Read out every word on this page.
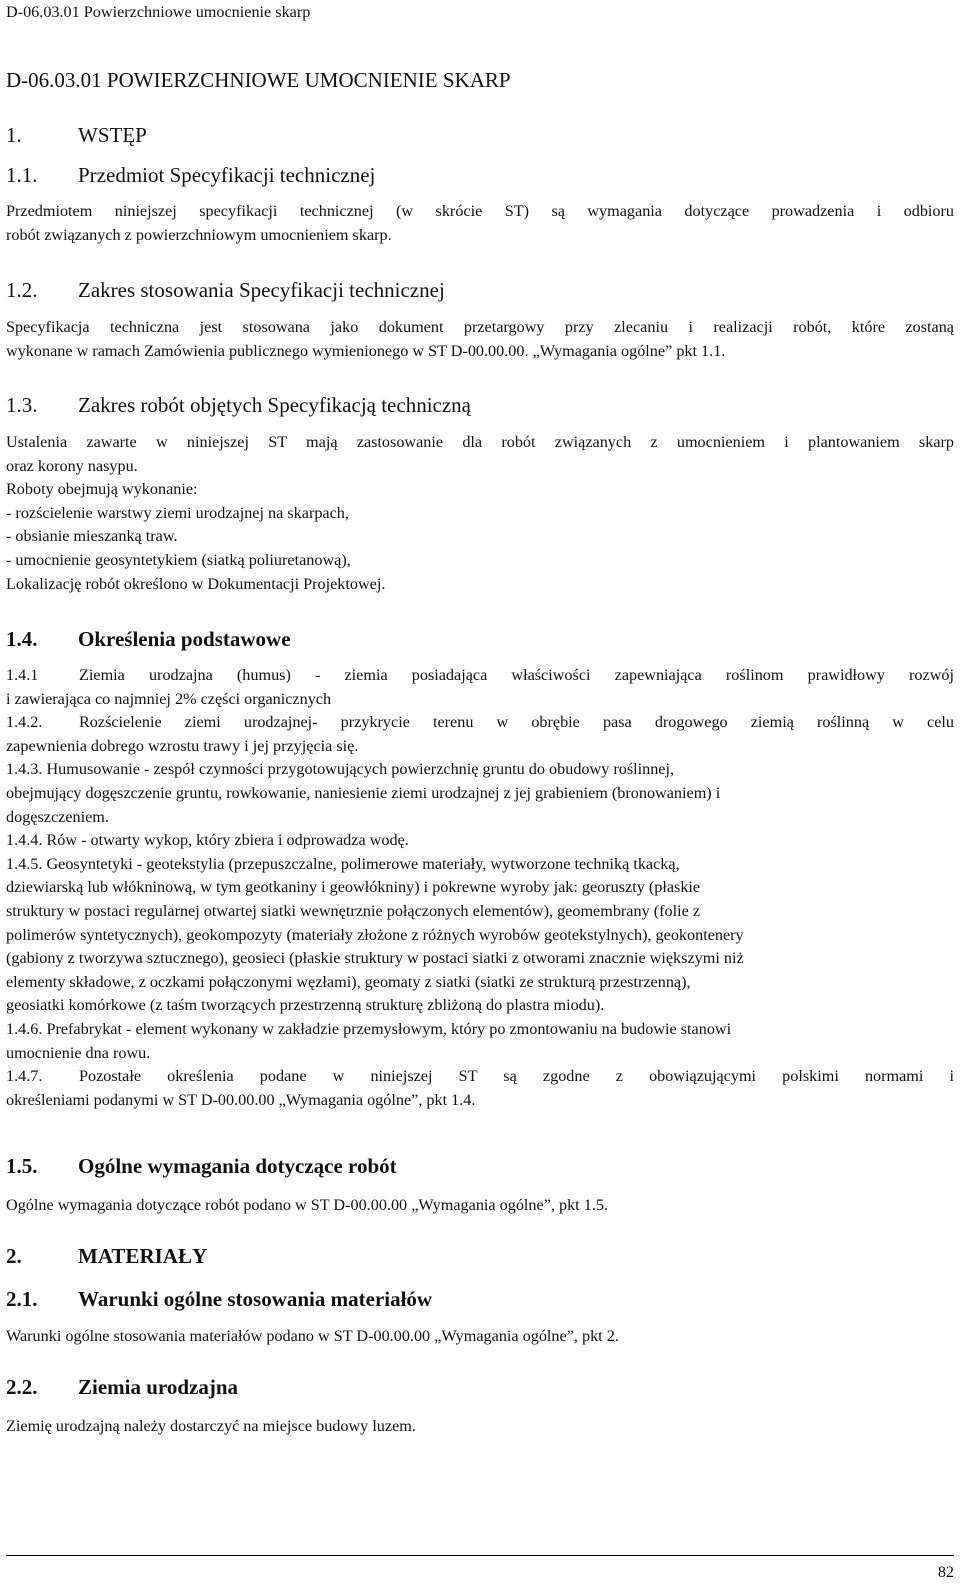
D-06.03.01 Powierzchniowe umocnienie skarp
D-06.03.01 POWIERZCHNIOWE UMOCNIENIE SKARP
1.	WSTĘP
1.1. Przedmiot Specyfikacji technicznej
Przedmiotem niniejszej specyfikacji technicznej (w skrócie ST) są wymagania dotyczące prowadzenia i odbioru
robót związanych z powierzchniowym umocnieniem skarp.
1.2. Zakres stosowania Specyfikacji technicznej
Specyfikacja techniczna jest stosowana jako dokument przetargowy przy zlecaniu i realizacji robót, które zostaną
wykonane w ramach Zamówienia publicznego wymienionego w ST D-00.00.00. „Wymagania ogólne” pkt 1.1.
1.3. Zakres robót objętych Specyfikacją techniczną
Ustalenia zawarte w niniejszej ST mają zastosowanie dla robót związanych z umocnieniem i plantowaniem skarp
oraz korony nasypu.
Roboty obejmują wykonanie:
- rozścielenie warstwy ziemi urodzajnej na skarpach,
- obsianie mieszanką traw.
- umocnienie geosyntetykiem (siatką poliuretanową),
Lokalizację robót określono w Dokumentacji Projektowej.
1.4. Określenia podstawowe
1.4.1	Ziemia urodzajna (humus) - ziemia posiadająca właściwości zapewniająca roślinom prawidłowy rozwój
i zawierająca co najmniej 2% części organicznych
1.4.2. Rozścielenie ziemi urodzajnej- przykrycie terenu w obrębie pasa drogowego ziemią roślinną w celu
zapewnienia dobrego wzrostu trawy i jej przyjęcia się.
1.4.3. Humusowanie - zespół czynności przygotowujących powierzchnię gruntu do obudowy roślinnej,
obejmujący dogęszczenie gruntu, rowkowanie, naniesienie ziemi urodzajnej z jej grabieniem (bronowaniem) i
dogęszczeniem.
1.4.4. Rów - otwarty wykop, który zbiera i odprowadza wodę.
1.4.5. Geosyntetyki - geotekstylia (przepuszczalne, polimerowe materiały, wytworzone techniką tkacką,
dziewiarską lub włókninową, w tym geotkaniny i geowłókniny) i pokrewne wyroby jak: georuszty (płaskie
struktury w postaci regularnej otwartej siatki wewnętrznie połączonych elementów), geomembrany (folie z
polimerów syntetycznych), geokompozyty (materiały złożone z różnych wyrobów geotekstylnych), geokontenery
(gabiony z tworzywa sztucznego), geosieci (płaskie struktury w postaci siatki z otworami znacznie większymi niż
elementy składowe, z oczkami połączonymi węzłami), geomaty z siatki (siatki ze strukturą przestrzenną),
geosiatki komórkowe (z taśm tworzących przestrzenną strukturę zbliżoną do plastra miodu).
1.4.6. Prefabrykat - element wykonany w zakładzie przemysłowym, który po zmontowaniu na budowie stanowi
umocnienie dna rowu.
1.4.7. Pozostałe określenia podane w niniejszej ST są zgodne z obowiązującymi polskimi normami i
określeniami podanymi w ST D-00.00.00 „Wymagania ogólne”, pkt 1.4.
1.5. Ogólne wymagania dotyczące robót
Ogólne wymagania dotyczące robót podano w ST D-00.00.00 „Wymagania ogólne”, pkt 1.5.
2.	MATERIAŁY
2.1. Warunki ogólne stosowania materiałów
Warunki ogólne stosowania materiałów podano w ST D-00.00.00 „Wymagania ogólne”, pkt 2.
2.2. Ziemia urodzajna
Ziemię urodzajną należy dostarczyć na miejsce budowy luzem.
82
